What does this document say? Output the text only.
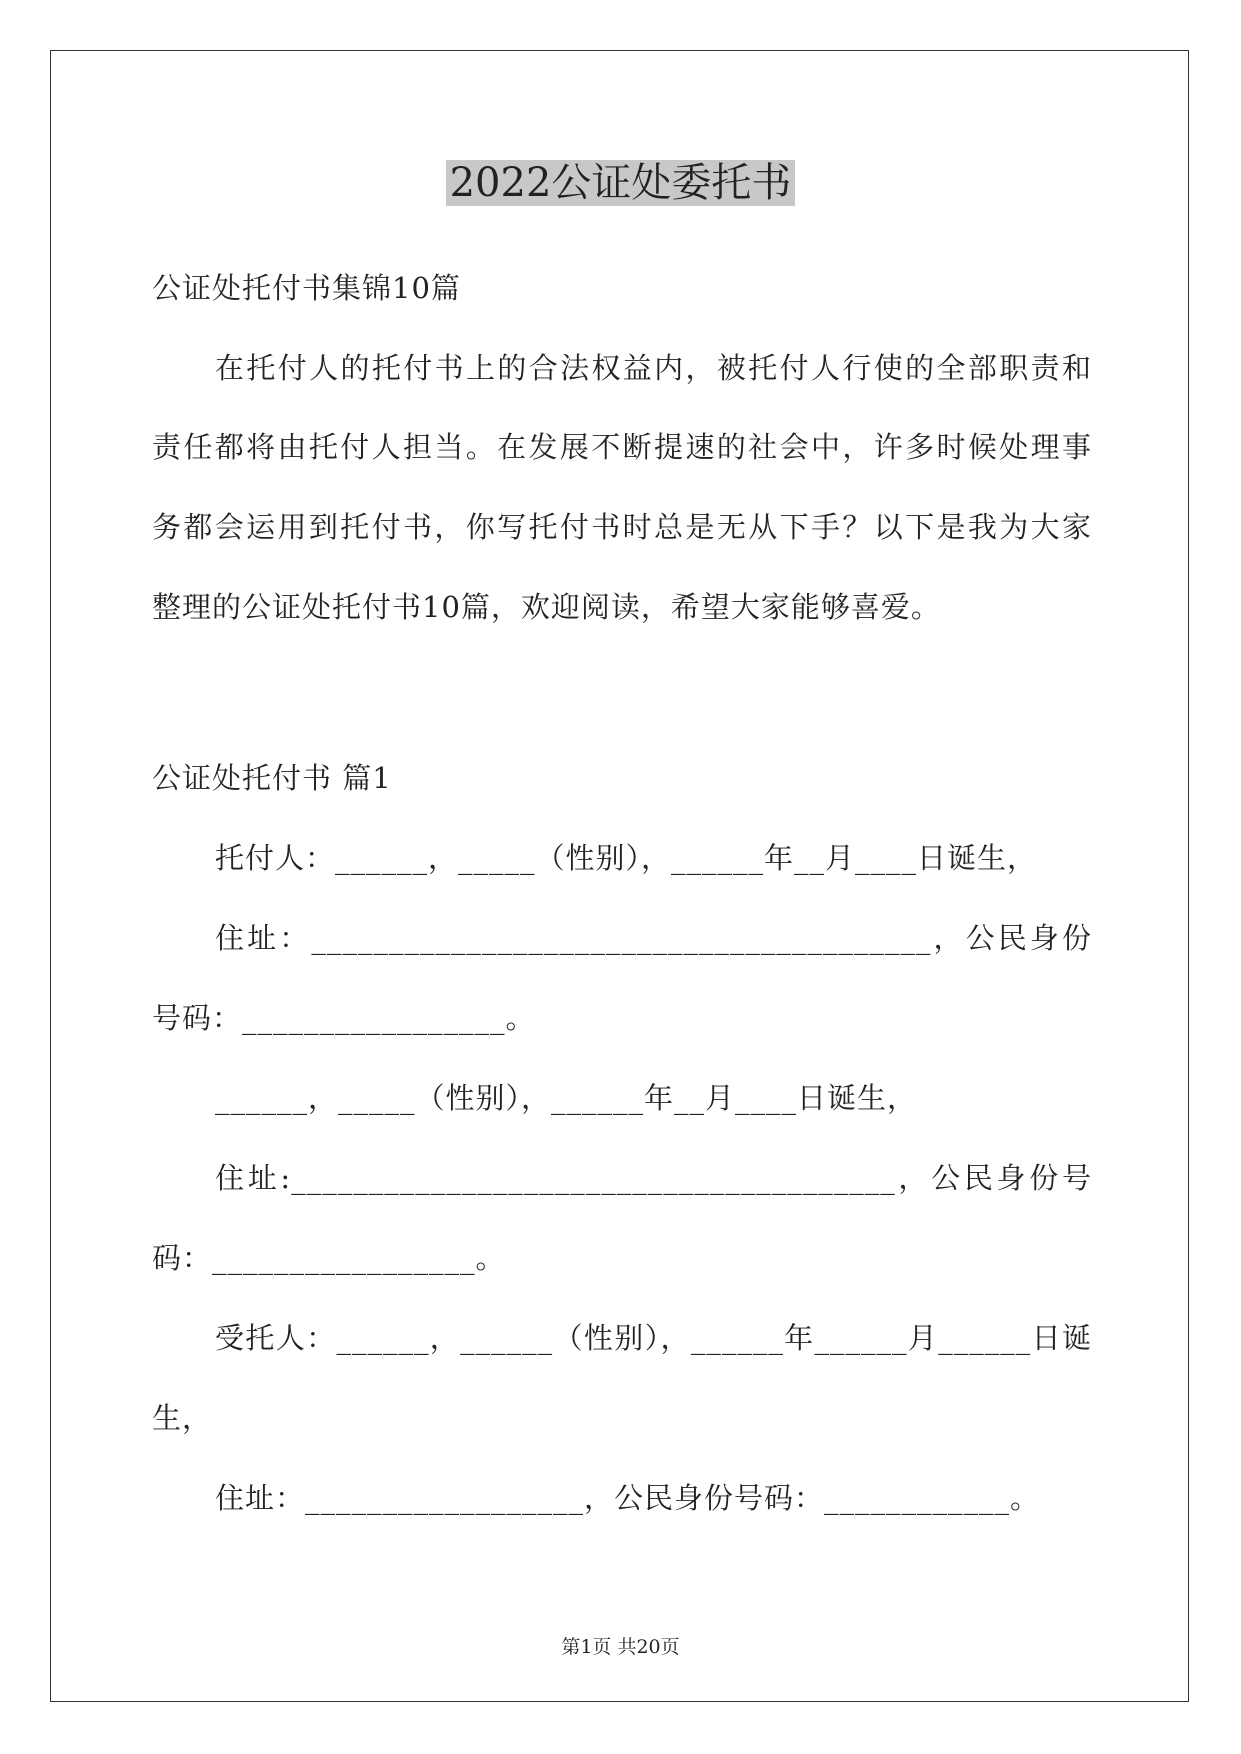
2022公证处委托书
公证处托付书集锦10篇
在托付人的托付书上的合法权益内，被托付人行使的全部职责和
责任都将由托付人担当。在发展不断提速的社会中，许多时候处理事
务都会运用到托付书，你写托付书时总是无从下手？以下是我为大家
整理的公证处托付书10篇，欢迎阅读，希望大家能够喜爱。
公证处托付书 篇1
托付人：______，_____（性别），______年__月____日诞生，
住址：________________________________________，公民身份
号码：_________________。
______，_____（性别），______年__月____日诞生，
住址:_______________________________________，公民身份号
码：_________________。
受托人：______，______（性别），______年______月______日诞
生，
住址：__________________，公民身份号码：____________。
第1页 共20页
